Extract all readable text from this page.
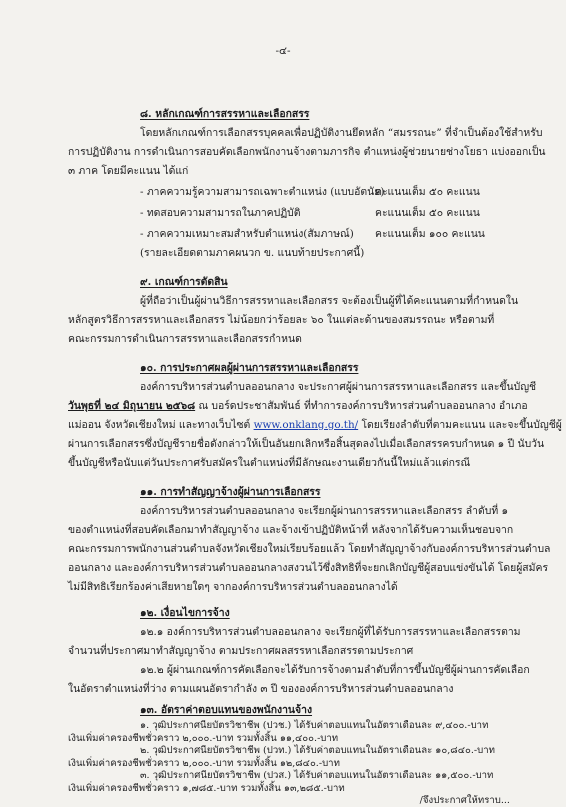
-๔-
๘. หลักเกณฑ์การสรรหาและเลือกสรร
โดยหลักเกณฑ์การเลือกสรรบุคคลเพื่อปฏิบัติงานยึดหลัก “สมรรถนะ” ที่จำเป็นต้องใช้สำหรับ
การปฏิบัติงาน การดำเนินการสอบคัดเลือกพนักงานจ้างตามภารกิจ ตำแหน่งผู้ช่วยนายช่างโยธา แบ่งออกเป็น
๓ ภาค โดยมีคะแนน ได้แก่
- ภาคความรู้ความสามารถเฉพาะตำแหน่ง (แบบอัตนัย)
คะแนนเต็ม ๕๐ คะแนน
- ทดสอบความสามารถในภาคปฏิบัติ	คะแนนเต็ม ๕๐ คะแนน
- ภาคความเหมาะสมสำหรับตำแหน่ง(สัมภาษณ์) คะแนนเต็ม ๑๐๐ คะแนน
(รายละเอียดตามภาคผนวก ข. แนบท้ายประกาศนี้)
๙. เกณฑ์การตัดสิน
ผู้ที่ถือว่าเป็นผู้ผ่านวิธีการสรรหาและเลือกสรร จะต้องเป็นผู้ที่ได้คะแนนตามที่กำหนดใน
หลักสูตรวิธีการสรรหาและเลือกสรร ไม่น้อยกว่าร้อยละ ๖๐ ในแต่ละด้านของสมรรถนะ หรือตามที่
คณะกรรมการดำเนินการสรรหาและเลือกสรรกำหนด
๑๐. การประกาศผลผู้ผ่านการสรรหาและเลือกสรร
องค์การบริหารส่วนตำบลออนกลาง จะประกาศผู้ผ่านการสรรหาและเลือกสรร และขึ้นบัญชี
วันพุธที่ ๒๔ มิถุนายน ๒๕๖๘ ณ บอร์ดประชาสัมพันธ์ ที่ทำการองค์การบริหารส่วนตำบลออนกลาง อำเภอ
แม่ออน จังหวัดเชียงใหม่ และทางเว็บไซต์ www.onklang.go.th/ โดยเรียงลำดับที่ตามคะแนน และจะขึ้นบัญชีผู้
ผ่านการเลือกสรรซึ่งบัญชีรายชื่อดังกล่าวให้เป็นอันยกเลิกหรือสิ้นสุดลงไปเมื่อเลือกสรรครบกำหนด ๑ ปี นับวัน
ขึ้นบัญชีหรือนับแต่วันประกาศรับสมัครในตำแหน่งที่มีลักษณะงานเดียวกันนี้ใหม่แล้วแต่กรณี
๑๑. การทำสัญญาจ้างผู้ผ่านการเลือกสรร
องค์การบริหารส่วนตำบลออนกลาง จะเรียกผู้ผ่านการสรรหาและเลือกสรร ลำดับที่ ๑
ของตำแหน่งที่สอบคัดเลือกมาทำสัญญาจ้าง และจ้างเข้าปฏิบัติหน้าที่ หลังจากได้รับความเห็นชอบจาก
คณะกรรมการพนักงานส่วนตำบลจังหวัดเชียงใหม่เรียบร้อยแล้ว โดยทำสัญญาจ้างกับองค์การบริหารส่วนตำบล
ออนกลาง และองค์การบริหารส่วนตำบลออนกลางสงวนไว้ซึ่งสิทธิที่จะยกเลิกบัญชีผู้สอบแข่งขันได้ โดยผู้สมัคร
ไม่มีสิทธิเรียกร้องค่าเสียหายใดๆ จากองค์การบริหารส่วนตำบลออนกลางได้
๑๒. เงื่อนไขการจ้าง
๑๒.๑ องค์การบริหารส่วนตำบลออนกลาง จะเรียกผู้ที่ได้รับการสรรหาและเลือกสรรตาม
จำนวนที่ประกาศมาทำสัญญาจ้าง ตามประกาศผลสรรหาเลือกสรรตามประกาศ
๑๒.๒ ผู้ผ่านเกณฑ์การคัดเลือกจะได้รับการจ้างตามลำดับที่การขึ้นบัญชีผู้ผ่านการคัดเลือก
ในอัตราตำแหน่งที่ว่าง ตามแผนอัตรากำลัง ๓ ปี ขององค์การบริหารส่วนตำบลออนกลาง
๑๓. อัตราค่าตอบแทนของพนักงานจ้าง
๑. วุฒิประกาศนียบัตรวิชาชีพ (ปวช.) ได้รับค่าตอบแทนในอัตราเดือนละ ๙,๔๐๐.-บาท
เงินเพิ่มค่าครองชีพชั่วคราว ๒,๐๐๐.-บาท รวมทั้งสิ้น ๑๑,๔๐๐.-บาท
๒. วุฒิประกาศนียบัตรวิชาชีพ (ปวท.) ได้รับค่าตอบแทนในอัตราเดือนละ ๑๐,๘๔๐.-บาท
เงินเพิ่มค่าครองชีพชั่วคราว ๒,๐๐๐.-บาท รวมทั้งสิ้น ๑๒,๘๔๐.-บาท
๓. วุฒิประกาศนียบัตรวิชาชีพ (ปวส.) ได้รับค่าตอบแทนในอัตราเดือนละ ๑๑,๕๐๐.-บาท
เงินเพิ่มค่าครองชีพชั่วคราว ๑,๗๘๕.-บาท รวมทั้งสิ้น ๑๓,๒๘๕.-บาท
/จึงประกาศให้ทราบ...
